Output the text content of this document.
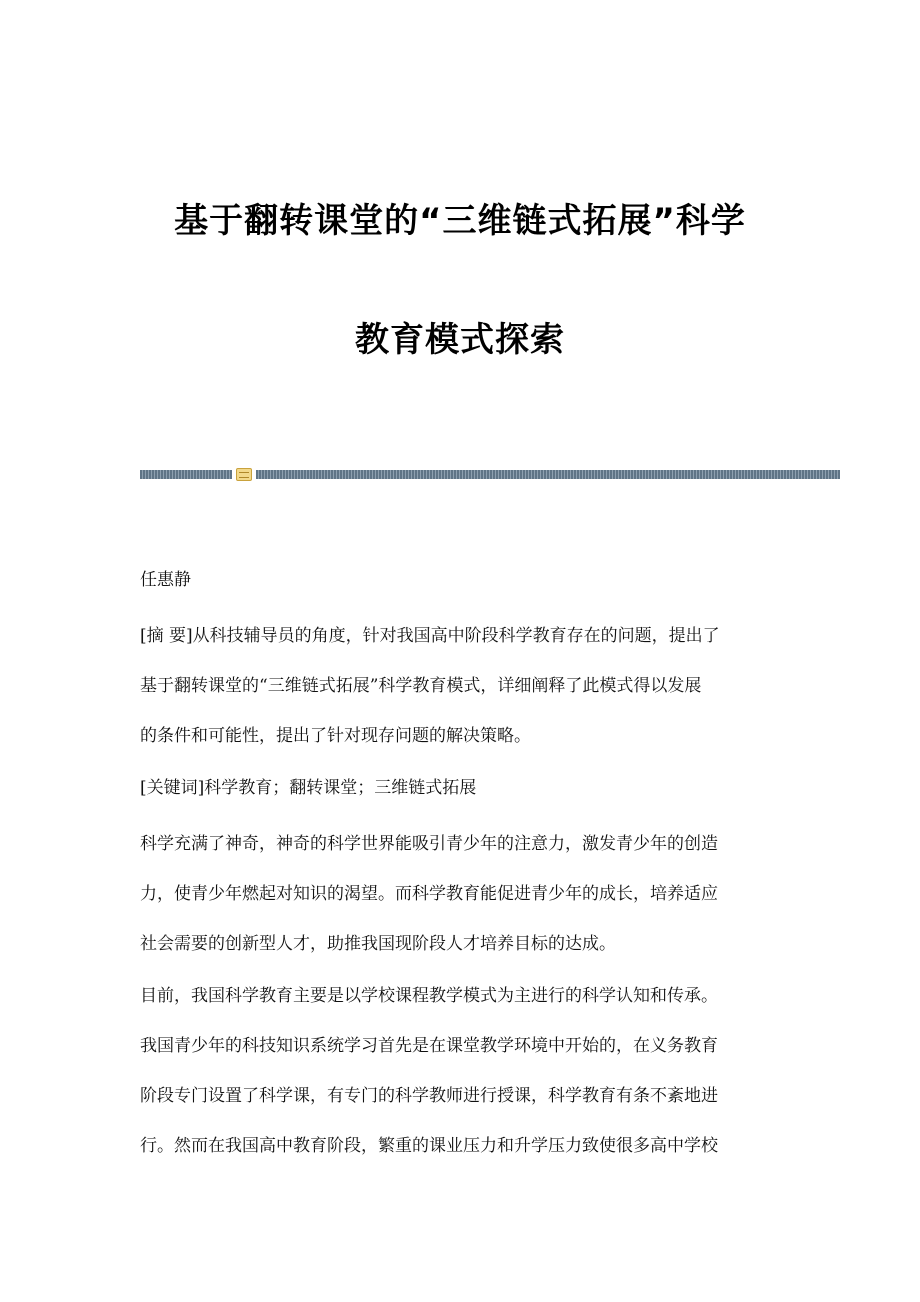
基于翻转课堂的“三维链式拓展”科学
教育模式探索
任惠静
[摘 要]从科技辅导员的角度，针对我国高中阶段科学教育存在的问题，提出了
基于翻转课堂的“三维链式拓展”科学教育模式，详细阐释了此模式得以发展
的条件和可能性，提出了针对现存问题的解决策略。
[关键词]科学教育；翻转课堂；三维链式拓展
科学充满了神奇，神奇的科学世界能吸引青少年的注意力，激发青少年的创造
力，使青少年燃起对知识的渴望。而科学教育能促进青少年的成长，培养适应
社会需要的创新型人才，助推我国现阶段人才培养目标的达成。
目前，我国科学教育主要是以学校课程教学模式为主进行的科学认知和传承。
我国青少年的科技知识系统学习首先是在课堂教学环境中开始的，在义务教育
阶段专门设置了科学课，有专门的科学教师进行授课，科学教育有条不紊地进
行。然而在我国高中教育阶段，繁重的课业压力和升学压力致使很多高中学校
